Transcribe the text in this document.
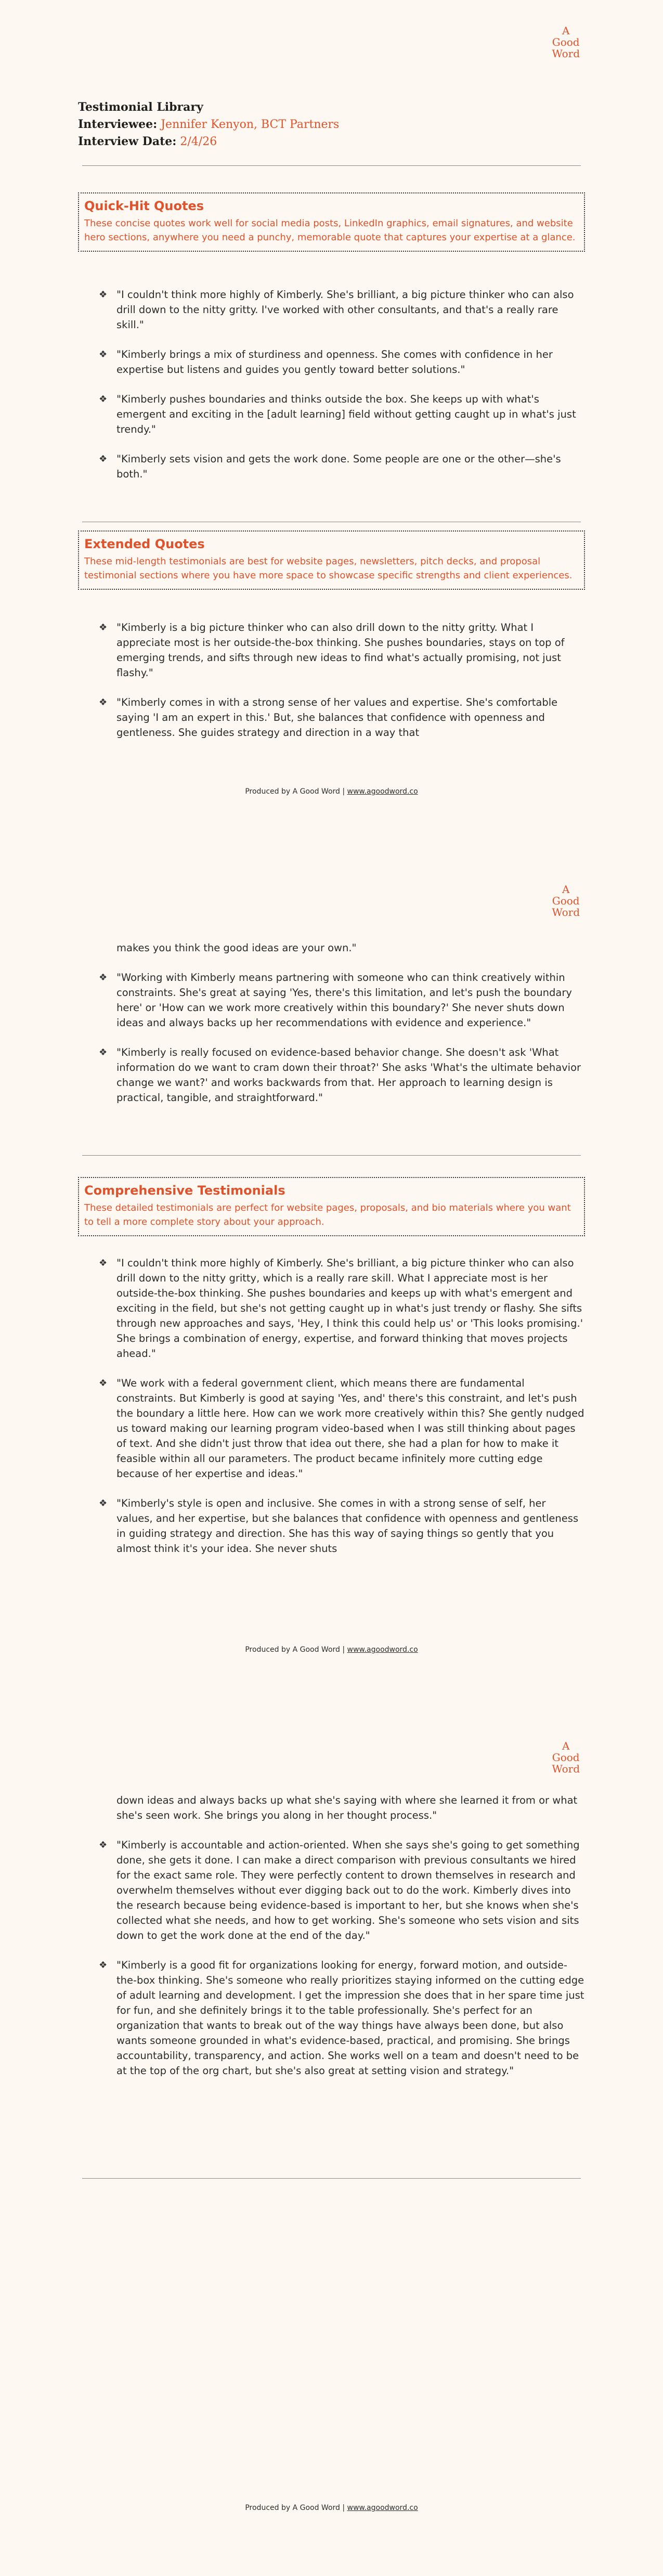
A
Good
Word
Testimonial Library
Interviewee: Jennifer Kenyon, BCT Partners
Interview Date: 2/4/26
Quick-Hit Quotes

These concise quotes work well for social media posts, LinkedIn graphics, email signatures, and website hero sections, anywhere you need a punchy, memorable quote that captures your expertise at a glance.

❖ "I couldn't think more highly of Kimberly. She's brilliant, a big picture thinker who can also drill down to the nitty gritty. I've worked with other consultants, and that's a really rare skill."
❖ "Kimberly brings a mix of sturdiness and openness. She comes with confidence in her expertise but listens and guides you gently toward better solutions."
❖ "Kimberly pushes boundaries and thinks outside the box. She keeps up with what's emergent and exciting in the [adult learning] field without getting caught up in what's just trendy."
❖ "Kimberly sets vision and gets the work done. Some people are one or the other—she's both."
Extended Quotes

These mid-length testimonials are best for website pages, newsletters, pitch decks, and proposal testimonial sections where you have more space to showcase specific strengths and client experiences.

❖ "Kimberly is a big picture thinker who can also drill down to the nitty gritty. What I appreciate most is her outside-the-box thinking. She pushes boundaries, stays on top of emerging trends, and sifts through new ideas to find what's actually promising, not just flashy."
❖ "Kimberly comes in with a strong sense of her values and expertise. She's comfortable saying 'I am an expert in this.' But, she balances that confidence with openness and gentleness. She guides strategy and direction in a way that
Produced by A Good Word | www.agoodword.co
A
Good
Word
makes you think the good ideas are your own."
❖ "Working with Kimberly means partnering with someone who can think creatively within constraints. She's great at saying 'Yes, there's this limitation, and let's push the boundary here' or 'How can we work more creatively within this boundary?' She never shuts down ideas and always backs up her recommendations with evidence and experience."
❖ "Kimberly is really focused on evidence-based behavior change. She doesn't ask 'What information do we want to cram down their throat?' She asks 'What's the ultimate behavior change we want?' and works backwards from that. Her approach to learning design is practical, tangible, and straightforward."
Comprehensive Testimonials

These detailed testimonials are perfect for website pages, proposals, and bio materials where you want to tell a more complete story about your approach.

❖ "I couldn't think more highly of Kimberly. She's brilliant, a big picture thinker who can also drill down to the nitty gritty, which is a really rare skill. What I appreciate most is her outside-the-box thinking. She pushes boundaries and keeps up with what's emergent and exciting in the field, but she's not getting caught up in what's just trendy or flashy. She sifts through new approaches and says, 'Hey, I think this could help us' or 'This looks promising.' She brings a combination of energy, expertise, and forward thinking that moves projects ahead."
❖ "We work with a federal government client, which means there are fundamental constraints. But Kimberly is good at saying 'Yes, and' there's this constraint, and let's push the boundary a little here. How can we work more creatively within this? She gently nudged us toward making our learning program video-based when I was still thinking about pages of text. And she didn't just throw that idea out there, she had a plan for how to make it feasible within all our parameters. The product became infinitely more cutting edge because of her expertise and ideas."
❖ "Kimberly's style is open and inclusive. She comes in with a strong sense of self, her values, and her expertise, but she balances that confidence with openness and gentleness in guiding strategy and direction. She has this way of saying things so gently that you almost think it's your idea. She never shuts
Produced by A Good Word | www.agoodword.co
A
Good
Word
down ideas and always backs up what she's saying with where she learned it from or what she's seen work. She brings you along in her thought process."
❖ "Kimberly is accountable and action-oriented. When she says she's going to get something done, she gets it done. I can make a direct comparison with previous consultants we hired for the exact same role. They were perfectly content to drown themselves in research and overwhelm themselves without ever digging back out to do the work. Kimberly dives into the research because being evidence-based is important to her, but she knows when she's collected what she needs, and how to get working. She's someone who sets vision and sits down to get the work done at the end of the day."
❖ "Kimberly is a good fit for organizations looking for energy, forward motion, and outside-the-box thinking. She's someone who really prioritizes staying informed on the cutting edge of adult learning and development. I get the impression she does that in her spare time just for fun, and she definitely brings it to the table professionally. She's perfect for an organization that wants to break out of the way things have always been done, but also wants someone grounded in what's evidence-based, practical, and promising. She brings accountability, transparency, and action. She works well on a team and doesn't need to be at the top of the org chart, but she's also great at setting vision and strategy."
Produced by A Good Word | www.agoodword.co
